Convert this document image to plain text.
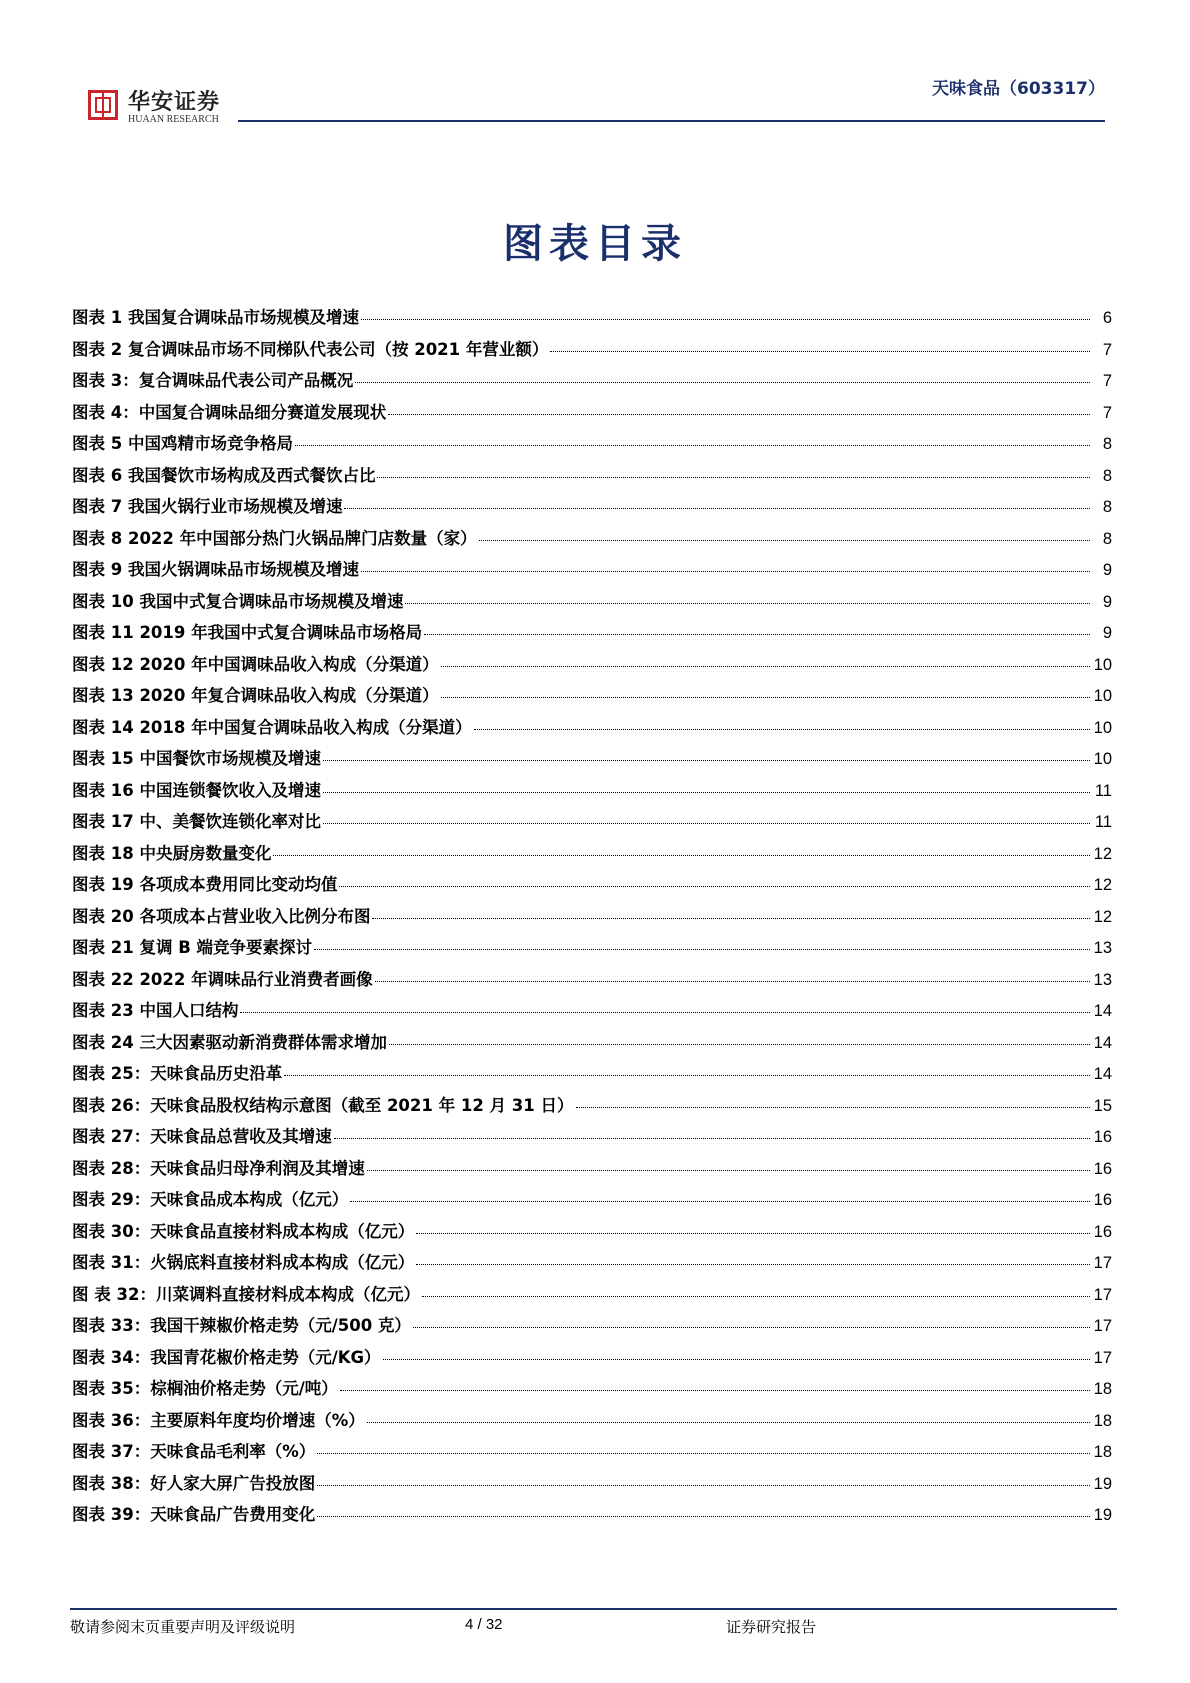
华安证券
HUAAN RESEARCH
天味食品（603317）
图表目录
图表 1 我国复合调味品市场规模及增速	6
图表 2 复合调味品市场不同梯队代表公司（按 2021 年营业额）	7
图表 3：复合调味品代表公司产品概况	7
图表 4：中国复合调味品细分赛道发展现状	7
图表 5 中国鸡精市场竞争格局	8
图表 6 我国餐饮市场构成及西式餐饮占比	8
图表 7 我国火锅行业市场规模及增速	8
图表 8 2022 年中国部分热门火锅品牌门店数量（家）	8
图表 9 我国火锅调味品市场规模及增速	9
图表 10 我国中式复合调味品市场规模及增速	9
图表 11 2019 年我国中式复合调味品市场格局	9
图表 12 2020 年中国调味品收入构成（分渠道）	10
图表 13 2020 年复合调味品收入构成（分渠道）	10
图表 14 2018 年中国复合调味品收入构成（分渠道）	10
图表 15 中国餐饮市场规模及增速	10
图表 16 中国连锁餐饮收入及增速	11
图表 17 中、美餐饮连锁化率对比	11
图表 18 中央厨房数量变化	12
图表 19 各项成本费用同比变动均值	12
图表 20 各项成本占营业收入比例分布图	12
图表 21 复调 B 端竞争要素探讨	13
图表 22 2022 年调味品行业消费者画像	13
图表 23 中国人口结构	14
图表 24 三大因素驱动新消费群体需求增加	14
图表 25：天味食品历史沿革	14
图表 26：天味食品股权结构示意图（截至 2021 年 12 月 31 日）	15
图表 27：天味食品总营收及其增速	16
图表 28：天味食品归母净利润及其增速	16
图表 29：天味食品成本构成（亿元）	16
图表 30：天味食品直接材料成本构成（亿元）	16
图表 31：火锅底料直接材料成本构成（亿元）	17
图 表 32：川菜调料直接材料成本构成（亿元）	17
图表 33：我国干辣椒价格走势（元/500 克）	17
图表 34：我国青花椒价格走势（元/KG）	17
图表 35：棕榈油价格走势（元/吨）	18
图表 36：主要原料年度均价增速（%）	18
图表 37：天味食品毛利率（%）	18
图表 38：好人家大屏广告投放图	19
图表 39：天味食品广告费用变化	19
敬请参阅末页重要声明及评级说明	4 / 32	证券研究报告
